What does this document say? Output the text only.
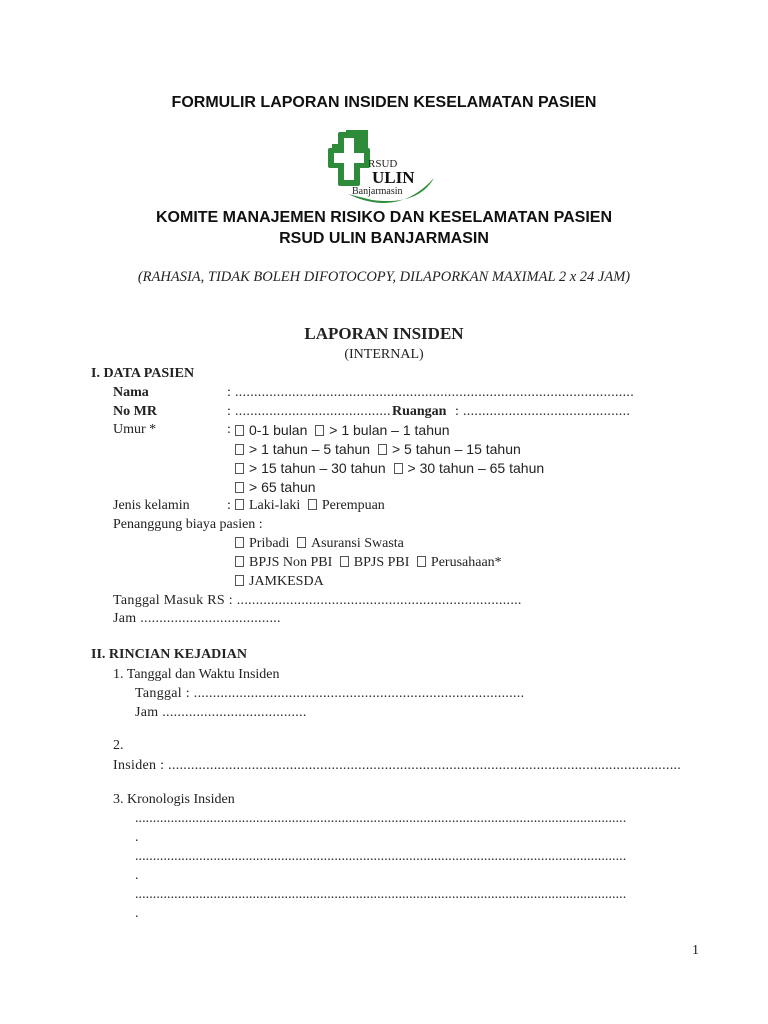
FORMULIR LAPORAN INSIDEN KESELAMATAN PASIEN
RSUD
ULIN
Banjarmasin
KOMITE MANAJEMEN RISIKO DAN KESELAMATAN PASIEN
RSUD ULIN BANJARMASIN
(RAHASIA, TIDAK BOLEH DIFOTOCOPY, DILAPORKAN MAXIMAL 2 x 24 JAM)
LAPORAN INSIDEN
(INTERNAL)
I. DATA PASIEN
Nama	: .........................................................................................................
No MR	: ......................................... Ruangan : ............................................
Umur *	:	0-1 bulan > 1 bulan – 1 tahun
> 1 tahun – 5 tahun > 5 tahun – 15 tahun
> 15 tahun – 30 tahun > 30 tahun – 65 tahun
> 65 tahun
Jenis kelamin	:	Laki-laki Perempuan
Penanggung biaya pasien :
Pribadi Asuransi Swasta
BPJS Non PBI BPJS PBI Perusahaan*
JAMKESDA
Tanggal Masuk RS : ...........................................................................
Jam .....................................
II. RINCIAN KEJADIAN
1. Tanggal dan Waktu Insiden
Tanggal : .......................................................................................
Jam ......................................
2.
Insiden : .......................................................................................................................................
3. Kronologis Insiden
..........................................................................................................................................
.
..........................................................................................................................................
.
..........................................................................................................................................
.
1
